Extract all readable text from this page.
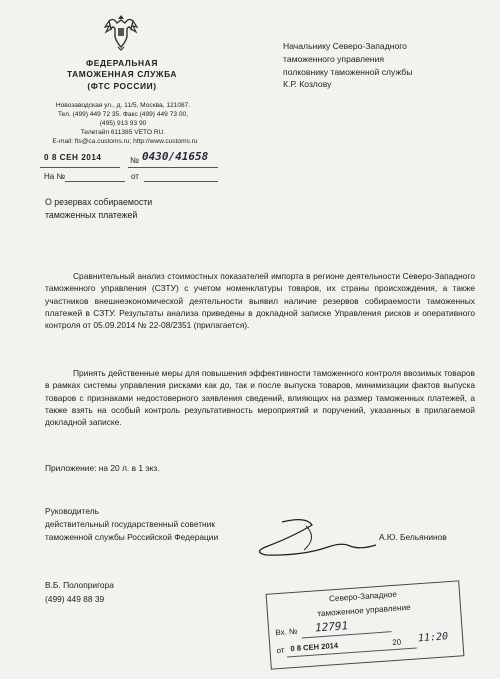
ФЕДЕРАЛЬНАЯ
ТАМОЖЕННАЯ СЛУЖБА
(ФТС РОССИИ)
Новозаводская ул., д. 11/5, Москва, 121087.
Тел. (499) 449 72 35. Факс (499) 449 73 00,
(495) 913 93 90
Телетайп 611385 VETO RU.
E-mail: fts@ca.customs.ru; http://www.customs.ru
0 8 СЕН 2014	№ 0430/41658
На №	от
Начальнику Северо-Западного
таможенного управления
полковнику таможенной службы
К.Р. Козлову
О резервах собираемости
таможенных платежей
Сравнительный анализ стоимостных показателей импорта в регионе деятельности Северо-Западного таможенного управления (СЗТУ) с учетом номенклатуры товаров, их страны происхождения, а также участников внешнеэкономической деятельности выявил наличие резервов собираемости таможенных платежей в СЗТУ. Результаты анализа приведены в докладной записке Управления рисков и оперативного контроля от 05.09.2014 № 22-08/2351 (прилагается).
Принять действенные меры для повышения эффективности таможенного контроля ввозимых товаров в рамках системы управления рисками как до, так и после выпуска товаров, минимизации фактов выпуска товаров с признаками недостоверного заявления сведений, влияющих на размер таможенных платежей, а также взять на особый контроль результативность мероприятий и поручений, указанных в прилагаемой докладной записке.
Приложение: на 20 л. в 1 экз.
Руководитель
действительный государственный советник
таможенной службы Российской Федерации	А.Ю. Бельянинов
В.Б. Полопригора
(499) 449 88 39	Северо-Западное
таможенное управление
Вх. № 12791
от 0 8 СЕН 2014	20 11:20
